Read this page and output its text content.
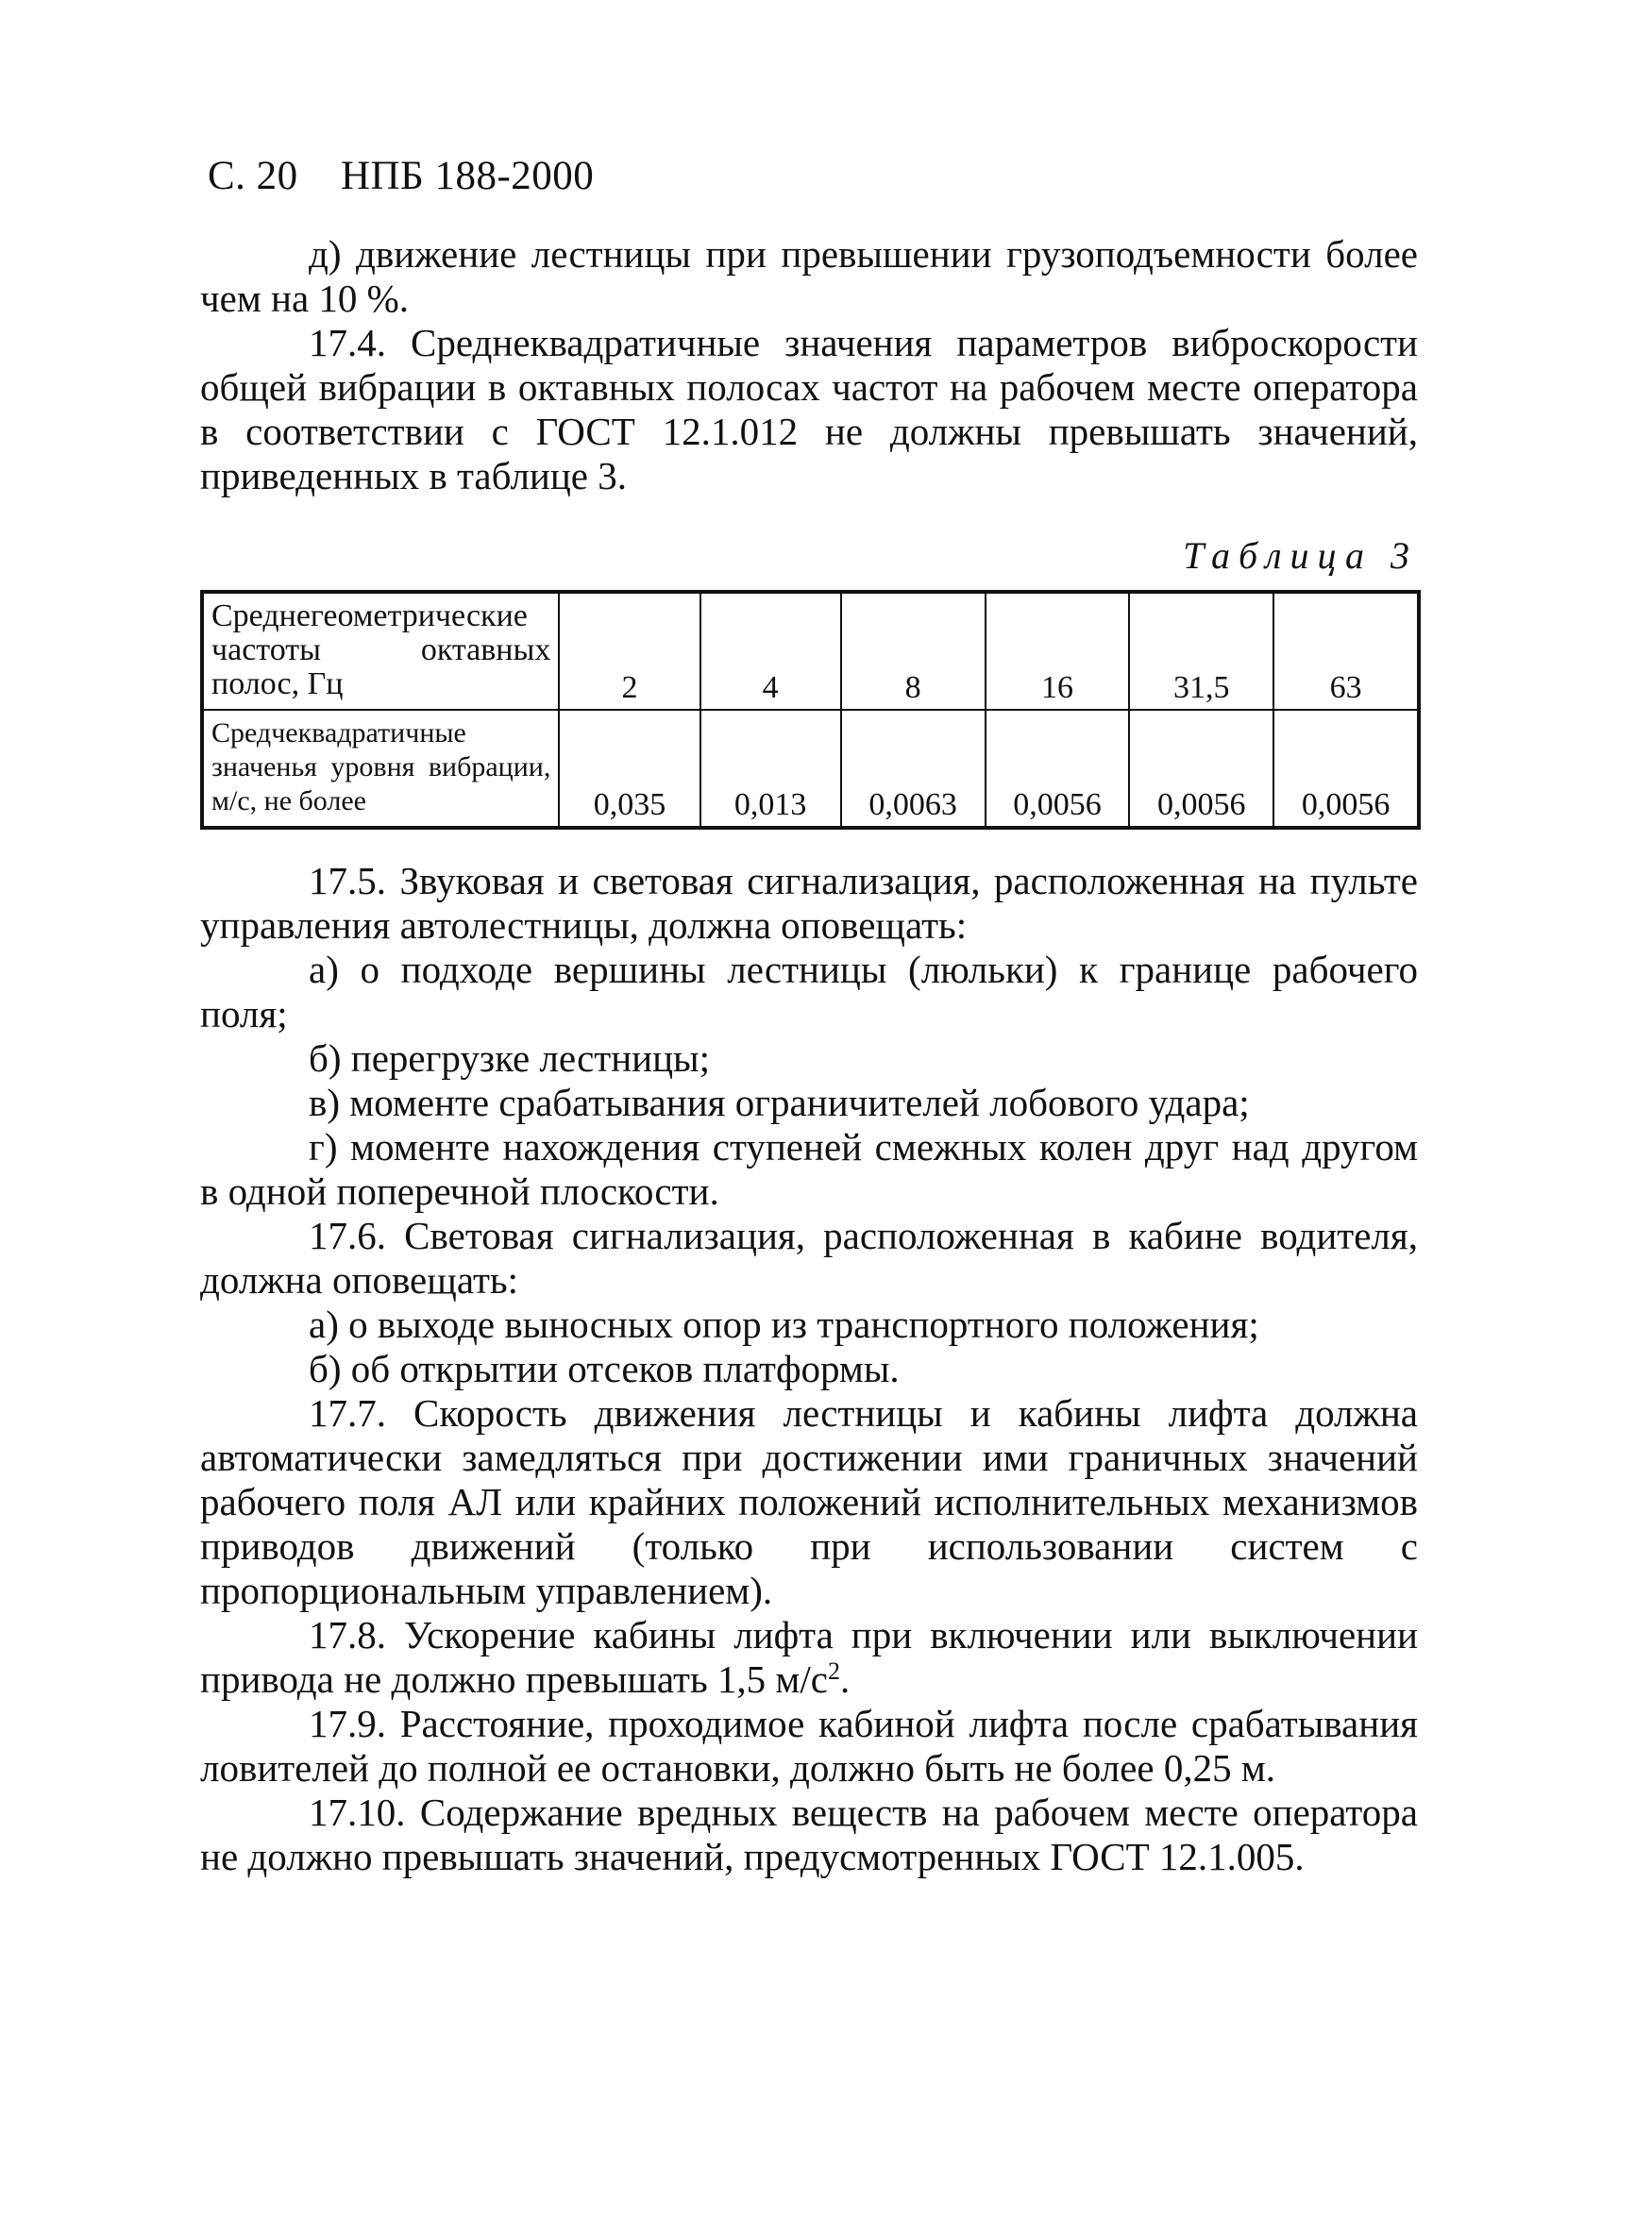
С. 20 НПБ 188-2000

д) движение лестницы при превышении грузоподъемности более чем на 10 %.

17.4. Среднеквадратичные значения параметров виброскорости общей вибрации в октавных полосах частот на рабочем месте оператора в соответствии с ГОСТ 12.1.012 не должны превышать значений, приведенных в таблице 3.

Таблица 3
Среднегеометрические частоты октавных полос, Гц	2	4	8	16	31,5	63
Средчеквадратичные значенья уровня вибрации, м/с, не более	0,035	0,013	0,0063	0,0056	0,0056	0,0056

17.5. Звуковая и световая сигнализация, расположенная на пульте управления автолестницы, должна оповещать:

а) о подходе вершины лестницы (люльки) к границе рабочего поля;

б) перегрузке лестницы;

в) моменте срабатывания ограничителей лобового удара;

г) моменте нахождения ступеней смежных колен друг над другом в одной поперечной плоскости.

17.6. Световая сигнализация, расположенная в кабине водителя, должна оповещать:

а) о выходе выносных опор из транспортного положения;

б) об открытии отсеков платформы.

17.7. Скорость движения лестницы и кабины лифта должна автоматически замедляться при достижении ими граничных значений рабочего поля АЛ или крайних положений исполнительных механизмов приводов движений (только при использовании систем с пропорциональным управлением).

17.8. Ускорение кабины лифта при включении или выключении привода не должно превышать 1,5 $м/с^2$.

17.9. Расстояние, проходимое кабиной лифта после срабатывания ловителей до полной ее остановки, должно быть не более 0,25 м.

17.10. Содержание вредных веществ на рабочем месте оператора не должно превышать значений, предусмотренных ГОСТ 12.1.005.
